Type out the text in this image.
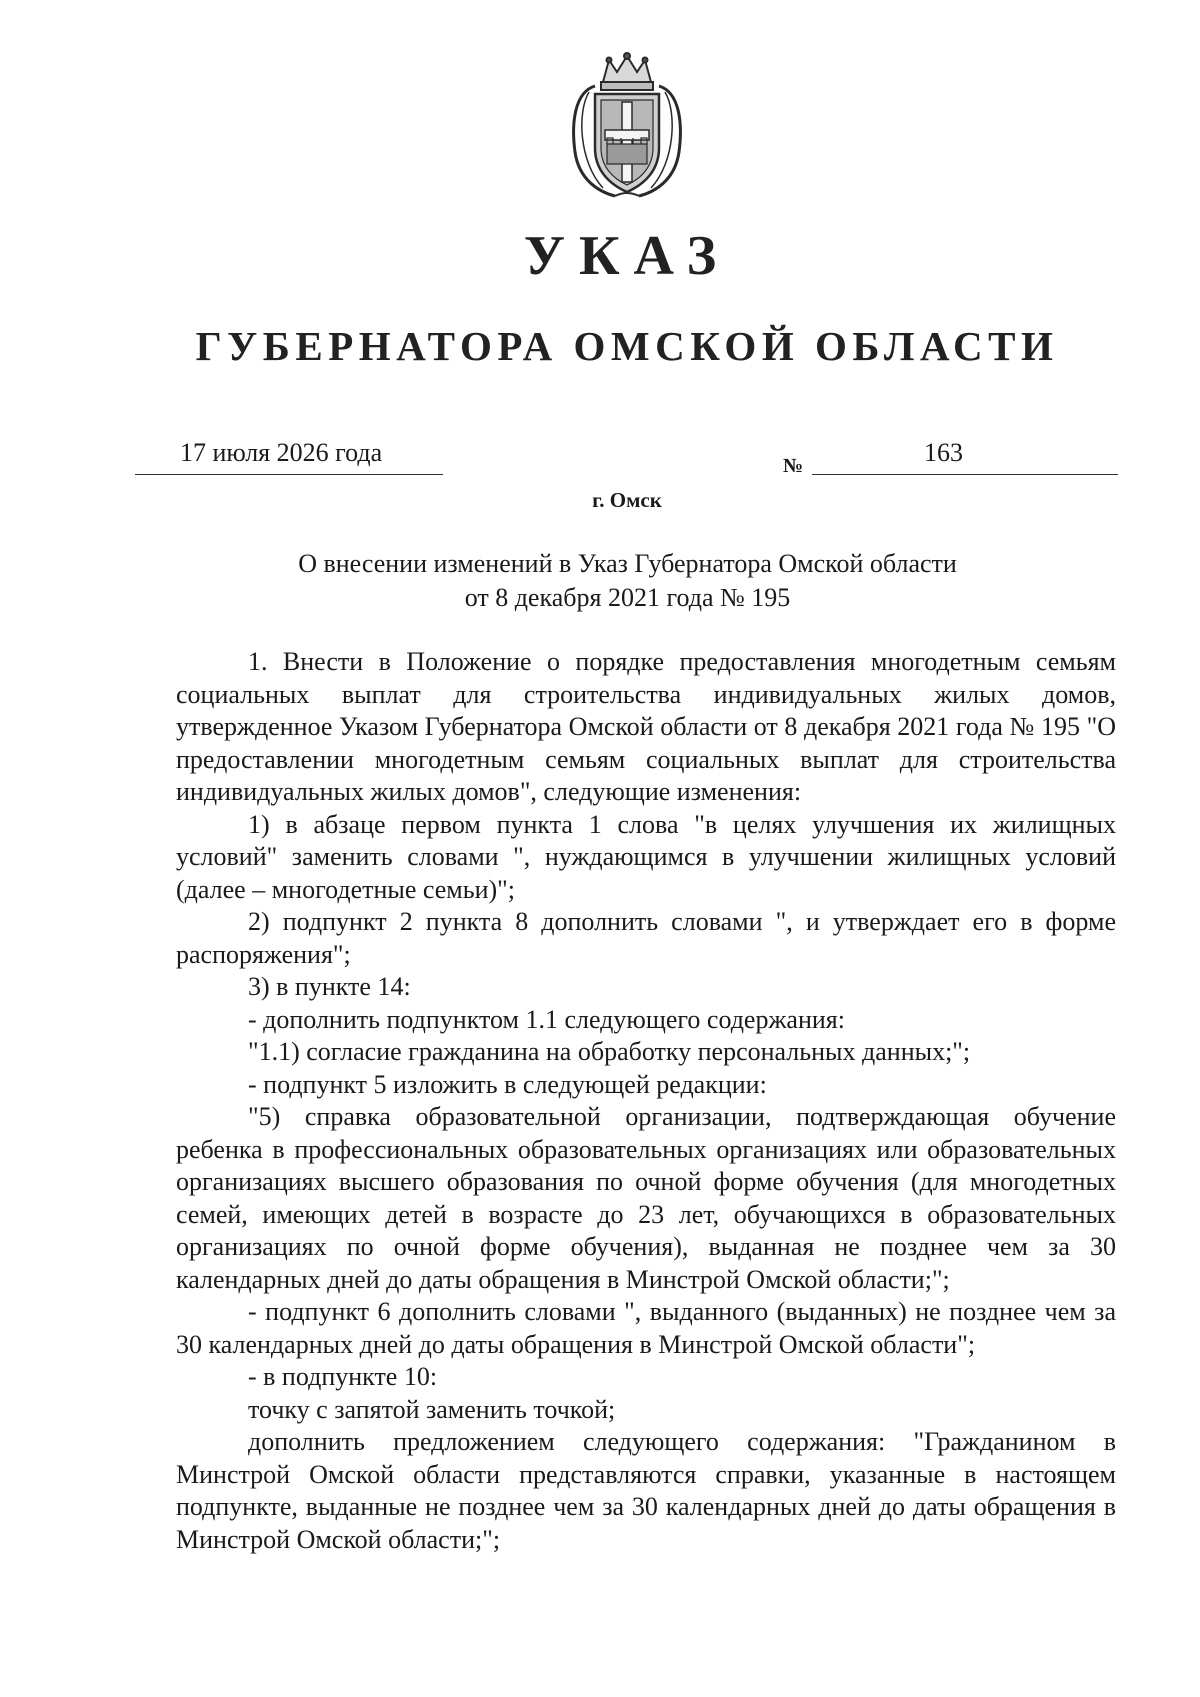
УКАЗ
ГУБЕРНАТОРА ОМСКОЙ ОБЛАСТИ
17 июля 2026 года	№	163
г. Омск
О внесении изменений в Указ Губернатора Омской области
от 8 декабря 2021 года № 195

1. Внести в Положение о порядке предоставления многодетным семьям социальных выплат для строительства индивидуальных жилых домов, утвержденное Указом Губернатора Омской области от 8 декабря 2021 года № 195 "О предоставлении многодетным семьям социальных выплат для строительства индивидуальных жилых домов", следующие изменения:

1) в абзаце первом пункта 1 слова "в целях улучшения их жилищных условий" заменить словами ", нуждающимся в улучшении жилищных условий (далее – многодетные семьи)";

2) подпункт 2 пункта 8 дополнить словами ", и утверждает его в форме распоряжения";

3) в пункте 14:

- дополнить подпунктом 1.1 следующего содержания:

"1.1) согласие гражданина на обработку персональных данных;";

- подпункт 5 изложить в следующей редакции:

"5) справка образовательной организации, подтверждающая обучение ребенка в профессиональных образовательных организациях или образовательных организациях высшего образования по очной форме обучения (для многодетных семей, имеющих детей в возрасте до 23 лет, обучающихся в образовательных организациях по очной форме обучения), выданная не позднее чем за 30 календарных дней до даты обращения в Минстрой Омской области;";

- подпункт 6 дополнить словами ", выданного (выданных) не позднее чем за 30 календарных дней до даты обращения в Минстрой Омской области";

- в подпункте 10:

точку с запятой заменить точкой;

дополнить предложением следующего содержания: "Гражданином в Минстрой Омской области представляются справки, указанные в настоящем подпункте, выданные не позднее чем за 30 календарных дней до даты обращения в Минстрой Омской области;";
